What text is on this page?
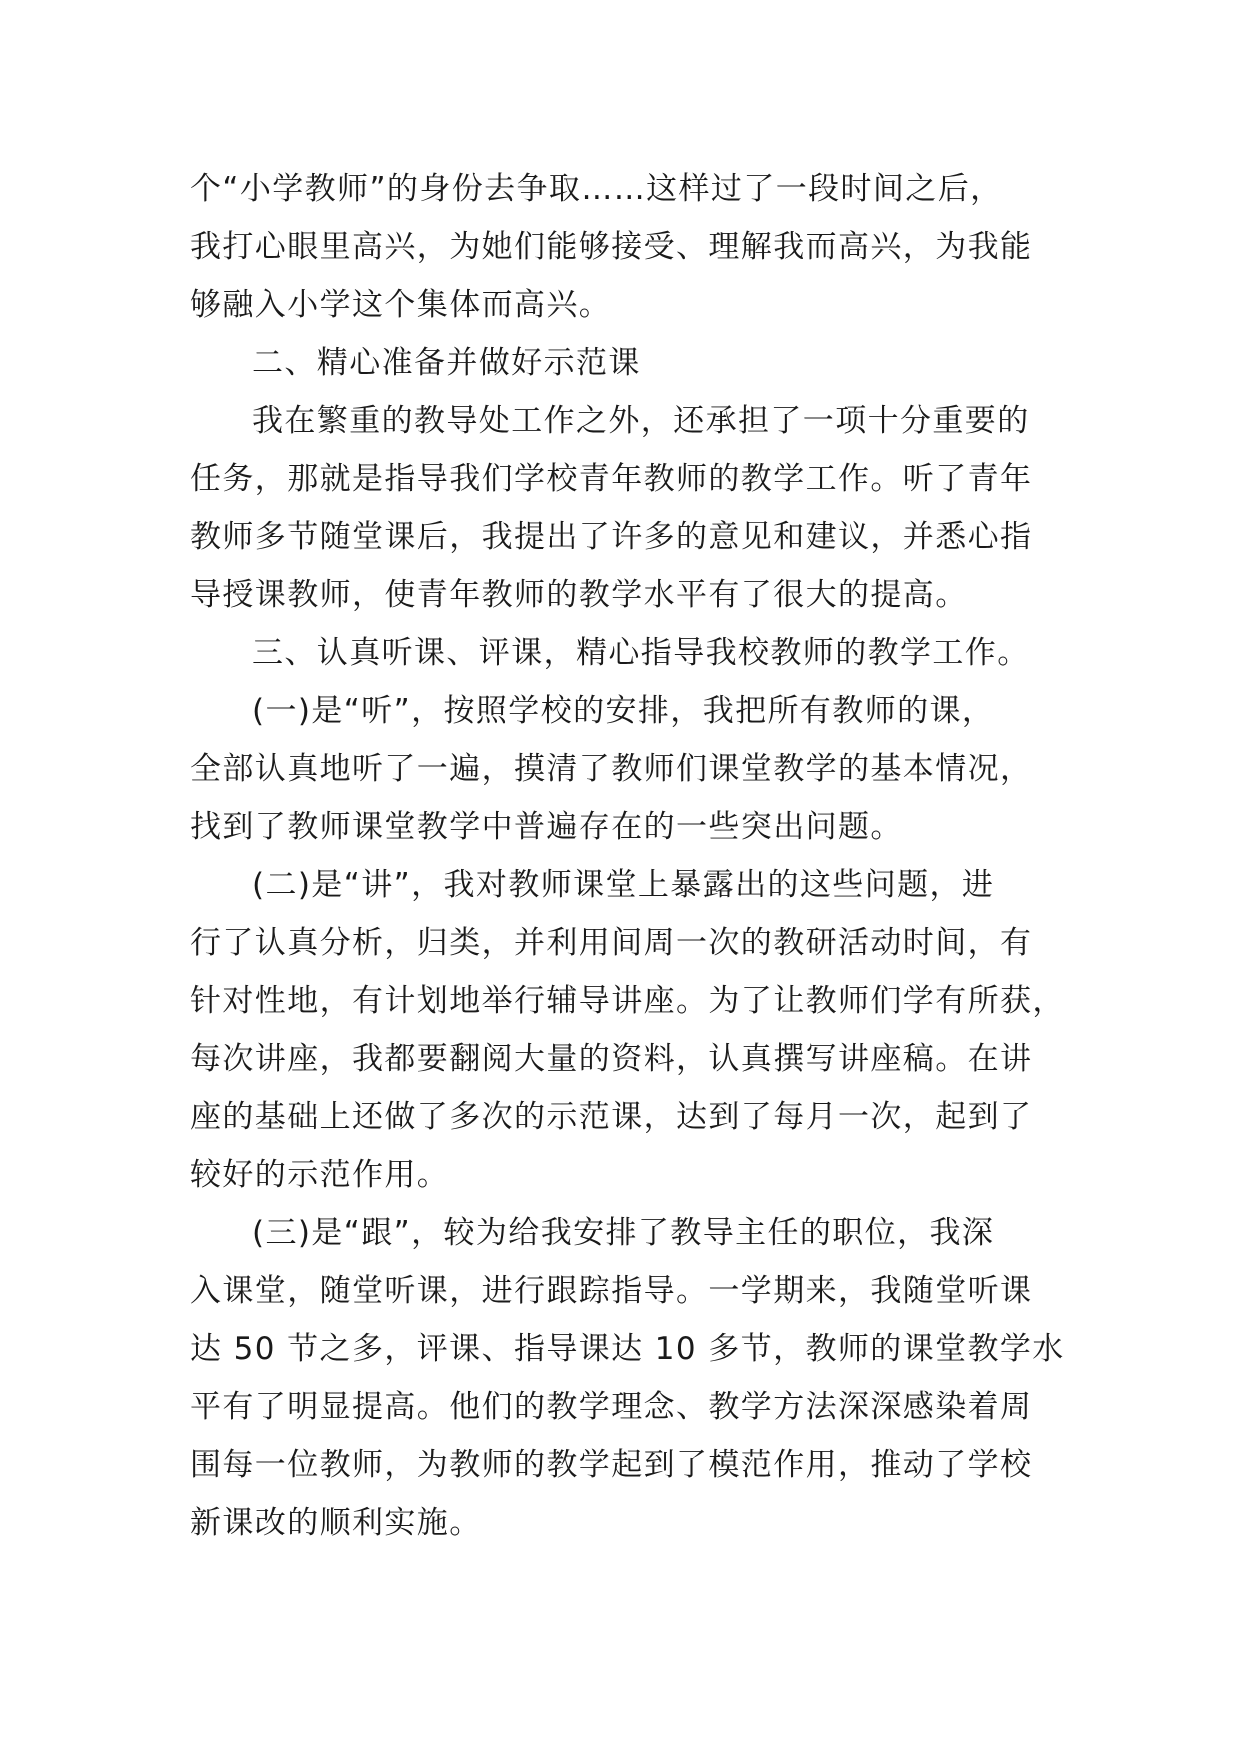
个“小学教师”的身份去争取……这样过了一段时间之后，
我打心眼里高兴，为她们能够接受、理解我而高兴，为我能
够融入小学这个集体而高兴。
二、精心准备并做好示范课
我在繁重的教导处工作之外，还承担了一项十分重要的
任务，那就是指导我们学校青年教师的教学工作。听了青年
教师多节随堂课后，我提出了许多的意见和建议，并悉心指
导授课教师，使青年教师的教学水平有了很大的提高。
三、认真听课、评课，精心指导我校教师的教学工作。
(一)是“听”，按照学校的安排，我把所有教师的课，
全部认真地听了一遍，摸清了教师们课堂教学的基本情况，
找到了教师课堂教学中普遍存在的一些突出问题。
(二)是“讲”，我对教师课堂上暴露出的这些问题，进
行了认真分析，归类，并利用间周一次的教研活动时间，有
针对性地，有计划地举行辅导讲座。为了让教师们学有所获，
每次讲座，我都要翻阅大量的资料，认真撰写讲座稿。在讲
座的基础上还做了多次的示范课，达到了每月一次，起到了
较好的示范作用。
(三)是“跟”，较为给我安排了教导主任的职位，我深
入课堂，随堂听课，进行跟踪指导。一学期来，我随堂听课
达 50 节之多，评课、指导课达 10 多节，教师的课堂教学水
平有了明显提高。他们的教学理念、教学方法深深感染着周
围每一位教师，为教师的教学起到了模范作用，推动了学校
新课改的顺利实施。
